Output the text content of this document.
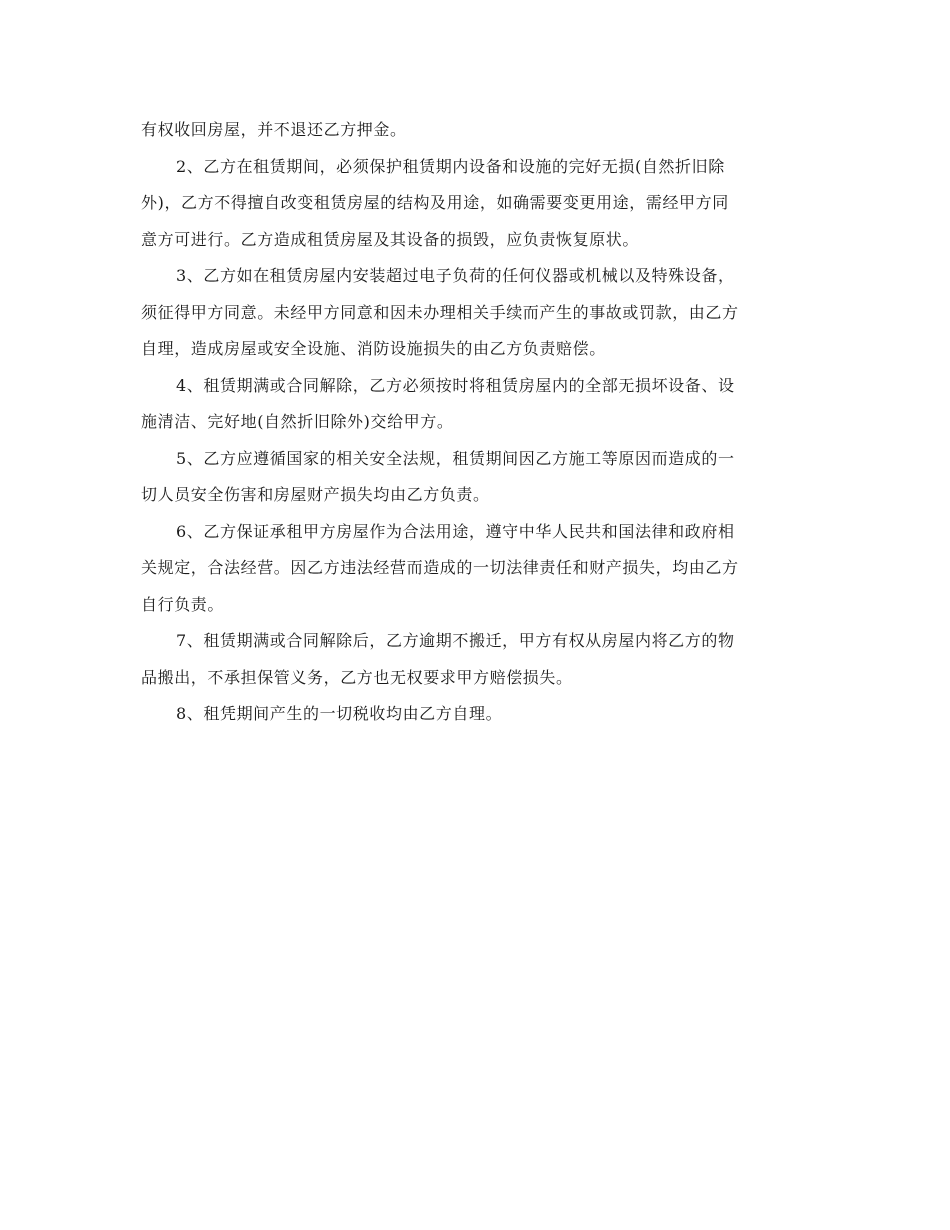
有权收回房屋，并不退还乙方押金。

2、乙方在租赁期间，必须保护租赁期内设备和设施的完好无损(自然折旧除
外)，乙方不得擅自改变租赁房屋的结构及用途，如确需要变更用途，需经甲方同
意方可进行。乙方造成租赁房屋及其设备的损毁，应负责恢复原状。

3、乙方如在租赁房屋内安装超过电子负荷的任何仪器或机械以及特殊设备，
须征得甲方同意。未经甲方同意和因未办理相关手续而产生的事故或罚款，由乙方
自理，造成房屋或安全设施、消防设施损失的由乙方负责赔偿。

4、租赁期满或合同解除，乙方必须按时将租赁房屋内的全部无损坏设备、设
施清洁、完好地(自然折旧除外)交给甲方。

5、乙方应遵循国家的相关安全法规，租赁期间因乙方施工等原因而造成的一
切人员安全伤害和房屋财产损失均由乙方负责。

6、乙方保证承租甲方房屋作为合法用途，遵守中华人民共和国法律和政府相
关规定，合法经营。因乙方违法经营而造成的一切法律责任和财产损失，均由乙方
自行负责。

7、租赁期满或合同解除后，乙方逾期不搬迁，甲方有权从房屋内将乙方的物
品搬出，不承担保管义务，乙方也无权要求甲方赔偿损失。

8、租凭期间产生的一切税收均由乙方自理。
